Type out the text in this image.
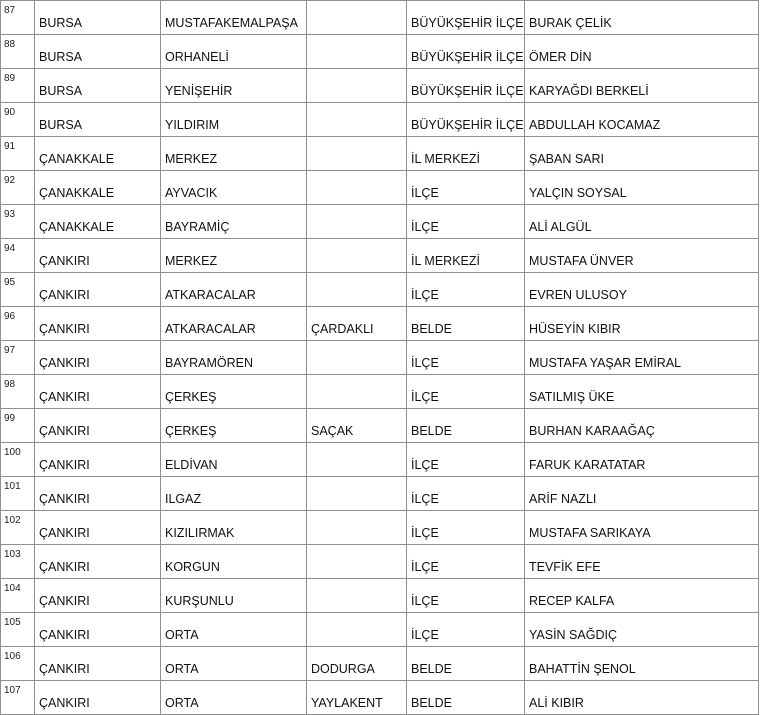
87	BURSA	MUSTAFAKEMALPAŞA		BÜYÜKŞEHİR İLÇE	BURAK ÇELİK
88	BURSA	ORHANELİ		BÜYÜKŞEHİR İLÇE	ÖMER DİN
89	BURSA	YENİŞEHİR		BÜYÜKŞEHİR İLÇE	KARYAĞDI BERKELİ
90	BURSA	YILDIRIM		BÜYÜKŞEHİR İLÇE	ABDULLAH KOCAMAZ
91	ÇANAKKALE	MERKEZ		İL MERKEZİ	ŞABAN SARI
92	ÇANAKKALE	AYVACIK		İLÇE	YALÇIN SOYSAL
93	ÇANAKKALE	BAYRAMİÇ		İLÇE	ALİ ALGÜL
94	ÇANKIRI	MERKEZ		İL MERKEZİ	MUSTAFA ÜNVER
95	ÇANKIRI	ATKARACALAR		İLÇE	EVREN ULUSOY
96	ÇANKIRI	ATKARACALAR	ÇARDAKLI	BELDE	HÜSEYİN KIBIR
97	ÇANKIRI	BAYRAMÖREN		İLÇE	MUSTAFA YAŞAR EMİRAL
98	ÇANKIRI	ÇERKEŞ		İLÇE	SATILMIŞ ÜKE
99	ÇANKIRI	ÇERKEŞ	SAÇAK	BELDE	BURHAN KARAAĞAÇ
100	ÇANKIRI	ELDİVAN		İLÇE	FARUK KARATATAR
101	ÇANKIRI	ILGAZ		İLÇE	ARİF NAZLI
102	ÇANKIRI	KIZILIRMAK		İLÇE	MUSTAFA SARIKAYA
103	ÇANKIRI	KORGUN		İLÇE	TEVFİK EFE
104	ÇANKIRI	KURŞUNLU		İLÇE	RECEP KALFA
105	ÇANKIRI	ORTA		İLÇE	YASİN SAĞDIÇ
106	ÇANKIRI	ORTA	DODURGA	BELDE	BAHATTİN ŞENOL
107	ÇANKIRI	ORTA	YAYLAKENT	BELDE	ALİ KIBIR
